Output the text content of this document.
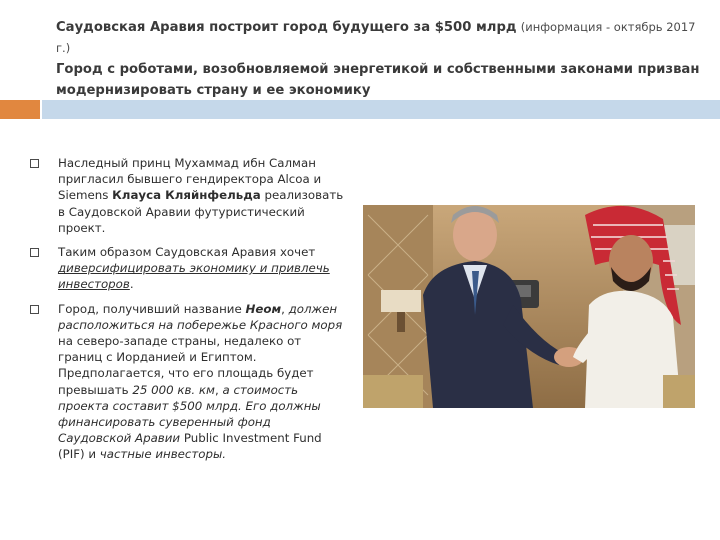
Саудовская Аравия построит город будущего за $500 млрд (информация - октябрь 2017 г.)
Город с роботами, возобновляемой энергетикой и собственными законами призван модернизировать страну и ее экономику
Наследный принц Мухаммад ибн Салман пригласил бывшего гендиректора Alcoa и Siemens Клауса Кляйнфельда реализовать в Саудовской Аравии футуристический проект.
Таким образом Саудовская Аравия хочет диверсифицировать экономику и привлечь инвесторов.
Город, получивший название Неом, должен расположиться на побережье Красного моря на северо-западе страны, недалеко от границ с Иорданией и Египтом. Предполагается, что его площадь будет превышать 25 000 кв. км, а стоимость проекта составит $500 млрд. Его должны финансировать суверенный фонд Саудовской Аравии Public Investment Fund (PIF) и частные инвесторы.
